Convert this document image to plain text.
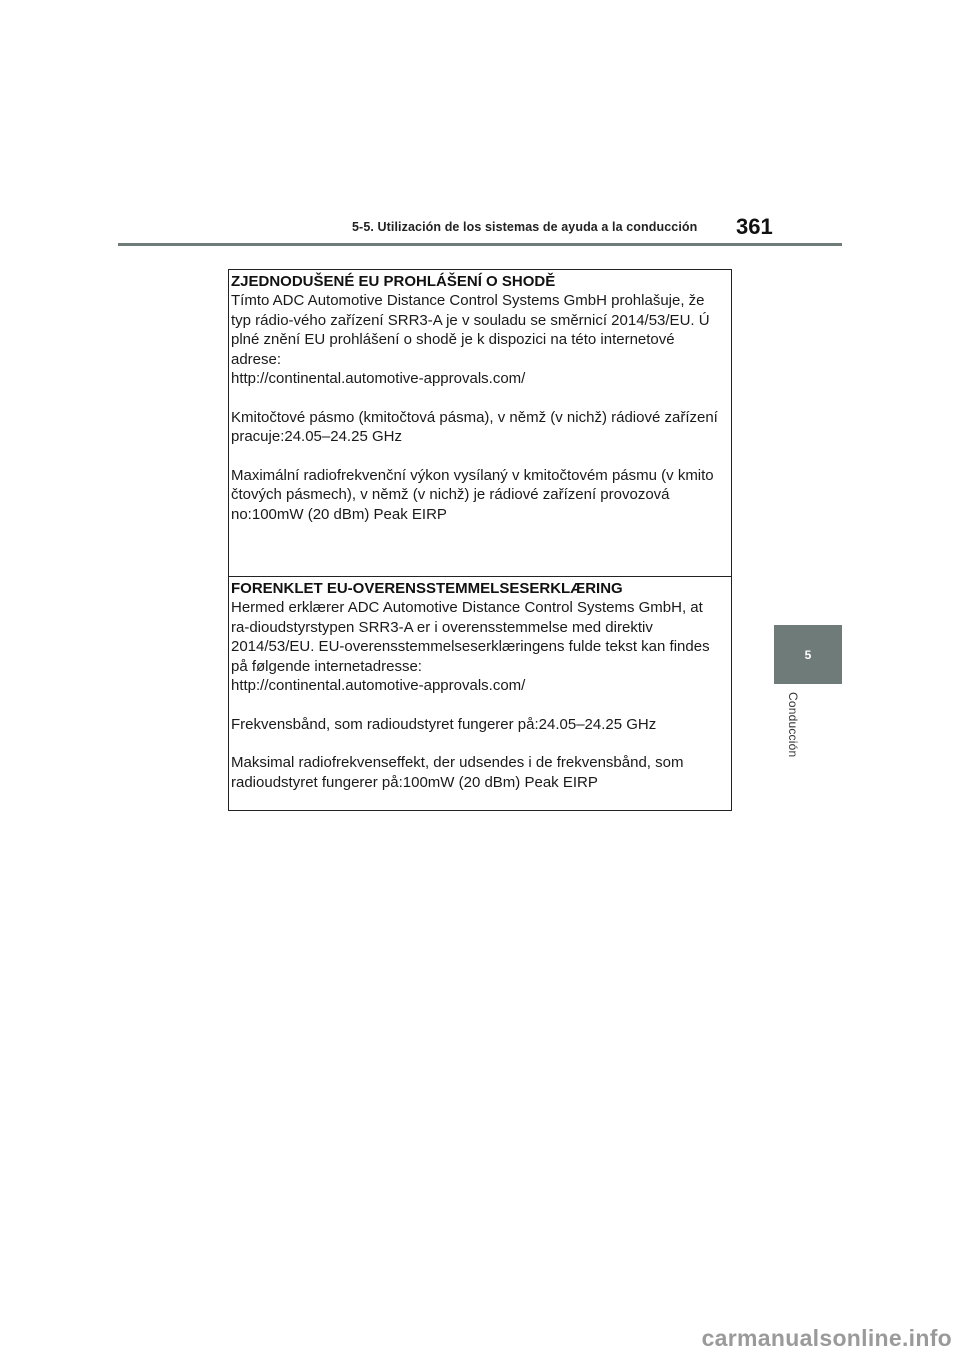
5-5. Utilización de los sistemas de ayuda a la conducción 361
5
Conducción
ZJEDNODUŠENÉ EU PROHLÁŠENÍ O SHODĚ

Tímto ADC Automotive Distance Control Systems GmbH prohlašuje, že
typ rádio-vého zařízení SRR3-A je v souladu se směrnicí 2014/53/EU. Ú
plné znění EU prohlášení o shodě je k dispozici na této internetové
adrese:
http://continental.automotive-approvals.com/

Kmitočtové pásmo (kmitočtová pásma), v němž (v nichž) rádiové zařízení
pracuje:24.05–24.25 GHz

Maximální radiofrekvenční výkon vysílaný v kmitočtovém pásmu (v kmito
čtových pásmech), v němž (v nichž) je rádiové zařízení provozová
no:100mW (20 dBm) Peak EIRP

FORENKLET EU-OVERENSSTEMMELSESERKLÆRING

Hermed erklærer ADC Automotive Distance Control Systems GmbH, at
ra-dioudstyrstypen SRR3-A er i overensstemmelse med direktiv
2014/53/EU. EU-overensstemmelseserklæringens fulde tekst kan findes
på følgende internetadresse:
http://continental.automotive-approvals.com/

Frekvensbånd, som radioudstyret fungerer på:24.05–24.25 GHz

Maksimal radiofrekvenseffekt, der udsendes i de frekvensbånd, som
radioudstyret fungerer på:100mW (20 dBm) Peak EIRP

carmanualsonline.info
